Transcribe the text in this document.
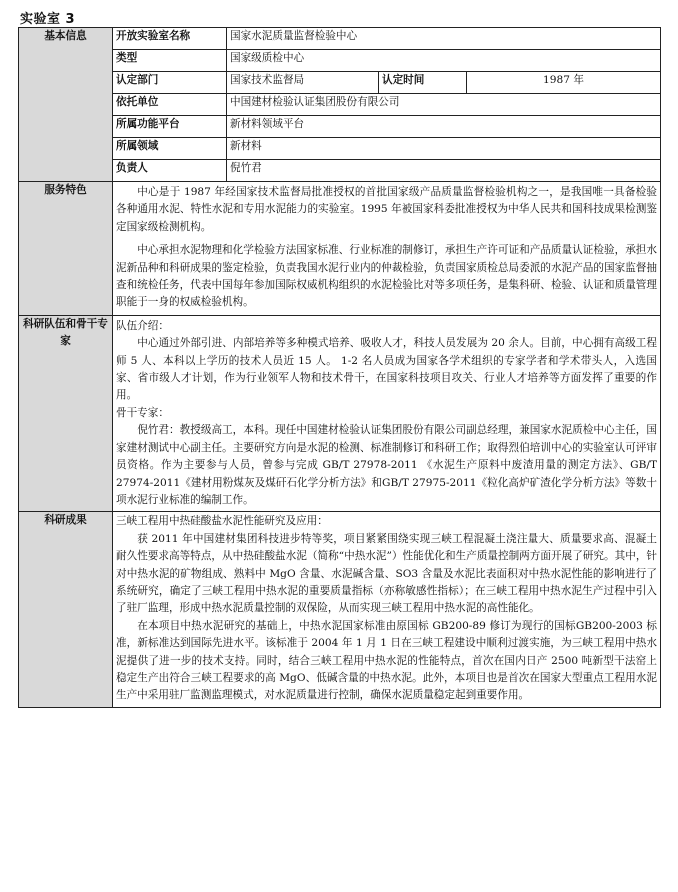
实验室 3
基本信息	开放实验室名称	国家水泥质量监督检验中心		
	类型	国家级质检中心		
	认定部门	国家技术监督局	认定时间	1987 年
	依托单位	中国建材检验认证集团股份有限公司		
	所属功能平台	新材料领域平台		
	所属领域	新材料		
	负责人	倪竹君		
服务特色	中心是于 1987 年经国家技术监督局批准授权的首批国家级产品质量监督检验机构之一，是我国唯一具备检验各种通用水泥、特性水泥和专用水泥能力的实验室。1995 年被国家科委批准授权为中华人民共和国科技成果检测鉴定国家级检测机构。

中心承担水泥物理和化学检验方法国家标准、行业标准的制修订，承担生产许可证和产品质量认证检验，承担水泥新品种和科研成果的鉴定检验，负责我国水泥行业内的仲裁检验，负责国家质检总局委派的水泥产品的国家监督抽查和统检任务，代表中国每年参加国际权威机构组织的水泥检验比对等多项任务，是集科研、检验、认证和质量管理职能于一身的权威检验机构。			

科研队伍和骨干专家	队伍介绍：

中心通过外部引进、内部培养等多种模式培养、吸收人才，科技人员发展为 20 余人。目前，中心拥有高级工程师 5 人、本科以上学历的技术人员近 15 人。 1-2 名人员成为国家各学术组织的专家学者和学术带头人，入选国家、省市级人才计划，作为行业领军人物和技术骨干，在国家科技项目攻关、行业人才培养等方面发挥了重要的作用。

骨干专家：

倪竹君：教授级高工，本科。现任中国建材检验认证集团股份有限公司副总经理，兼国家水泥质检中心主任，国家建材测试中心副主任。主要研究方向是水泥的检测、标准制修订和科研工作；取得烈伯培训中心的实验室认可评审员资格。作为主要参与人员，曾参与完成 GB/T 27978-2011 《水泥生产原料中废渣用量的测定方法》、GB/T 27974-2011《建材用粉煤灰及煤矸石化学分析方法》和GB/T 27975-2011《粒化高炉矿渣化学分析方法》等数十项水泥行业标准的编制工作。			

科研成果	三峡工程用中热硅酸盐水泥性能研究及应用：

获 2011 年中国建材集团科技进步特等奖，项目紧紧围绕实现三峡工程混凝土浇注量大、质量要求高、混凝土耐久性要求高等特点，从中热硅酸盐水泥（简称“中热水泥”）性能优化和生产质量控制两方面开展了研究。其中，针对中热水泥的矿物组成、熟料中 MgO 含量、水泥碱含量、SO3 含量及水泥比表面积对中热水泥性能的影响进行了系统研究，确定了三峡工程用中热水泥的重要质量指标（亦称敏感性指标）；在三峡工程用中热水泥生产过程中引入了驻厂监理，形成中热水泥质量控制的双保险，从而实现三峡工程用中热水泥的高性能化。

在本项目中热水泥研究的基础上，中热水泥国家标准由原国标 GB200-89 修订为现行的国标GB200-2003 标准，新标准达到国际先进水平。该标准于 2004 年 1 月 1 日在三峡工程建设中顺利过渡实施，为三峡工程用中热水泥提供了进一步的技术支持。同时，结合三峡工程用中热水泥的性能特点，首次在国内日产 2500 吨新型干法窑上稳定生产出符合三峡工程要求的高 MgO、低碱含量的中热水泥。此外，本项目也是首次在国家大型重点工程用水泥生产中采用驻厂监测监理模式，对水泥质量进行控制，确保水泥质量稳定起到重要作用。			
